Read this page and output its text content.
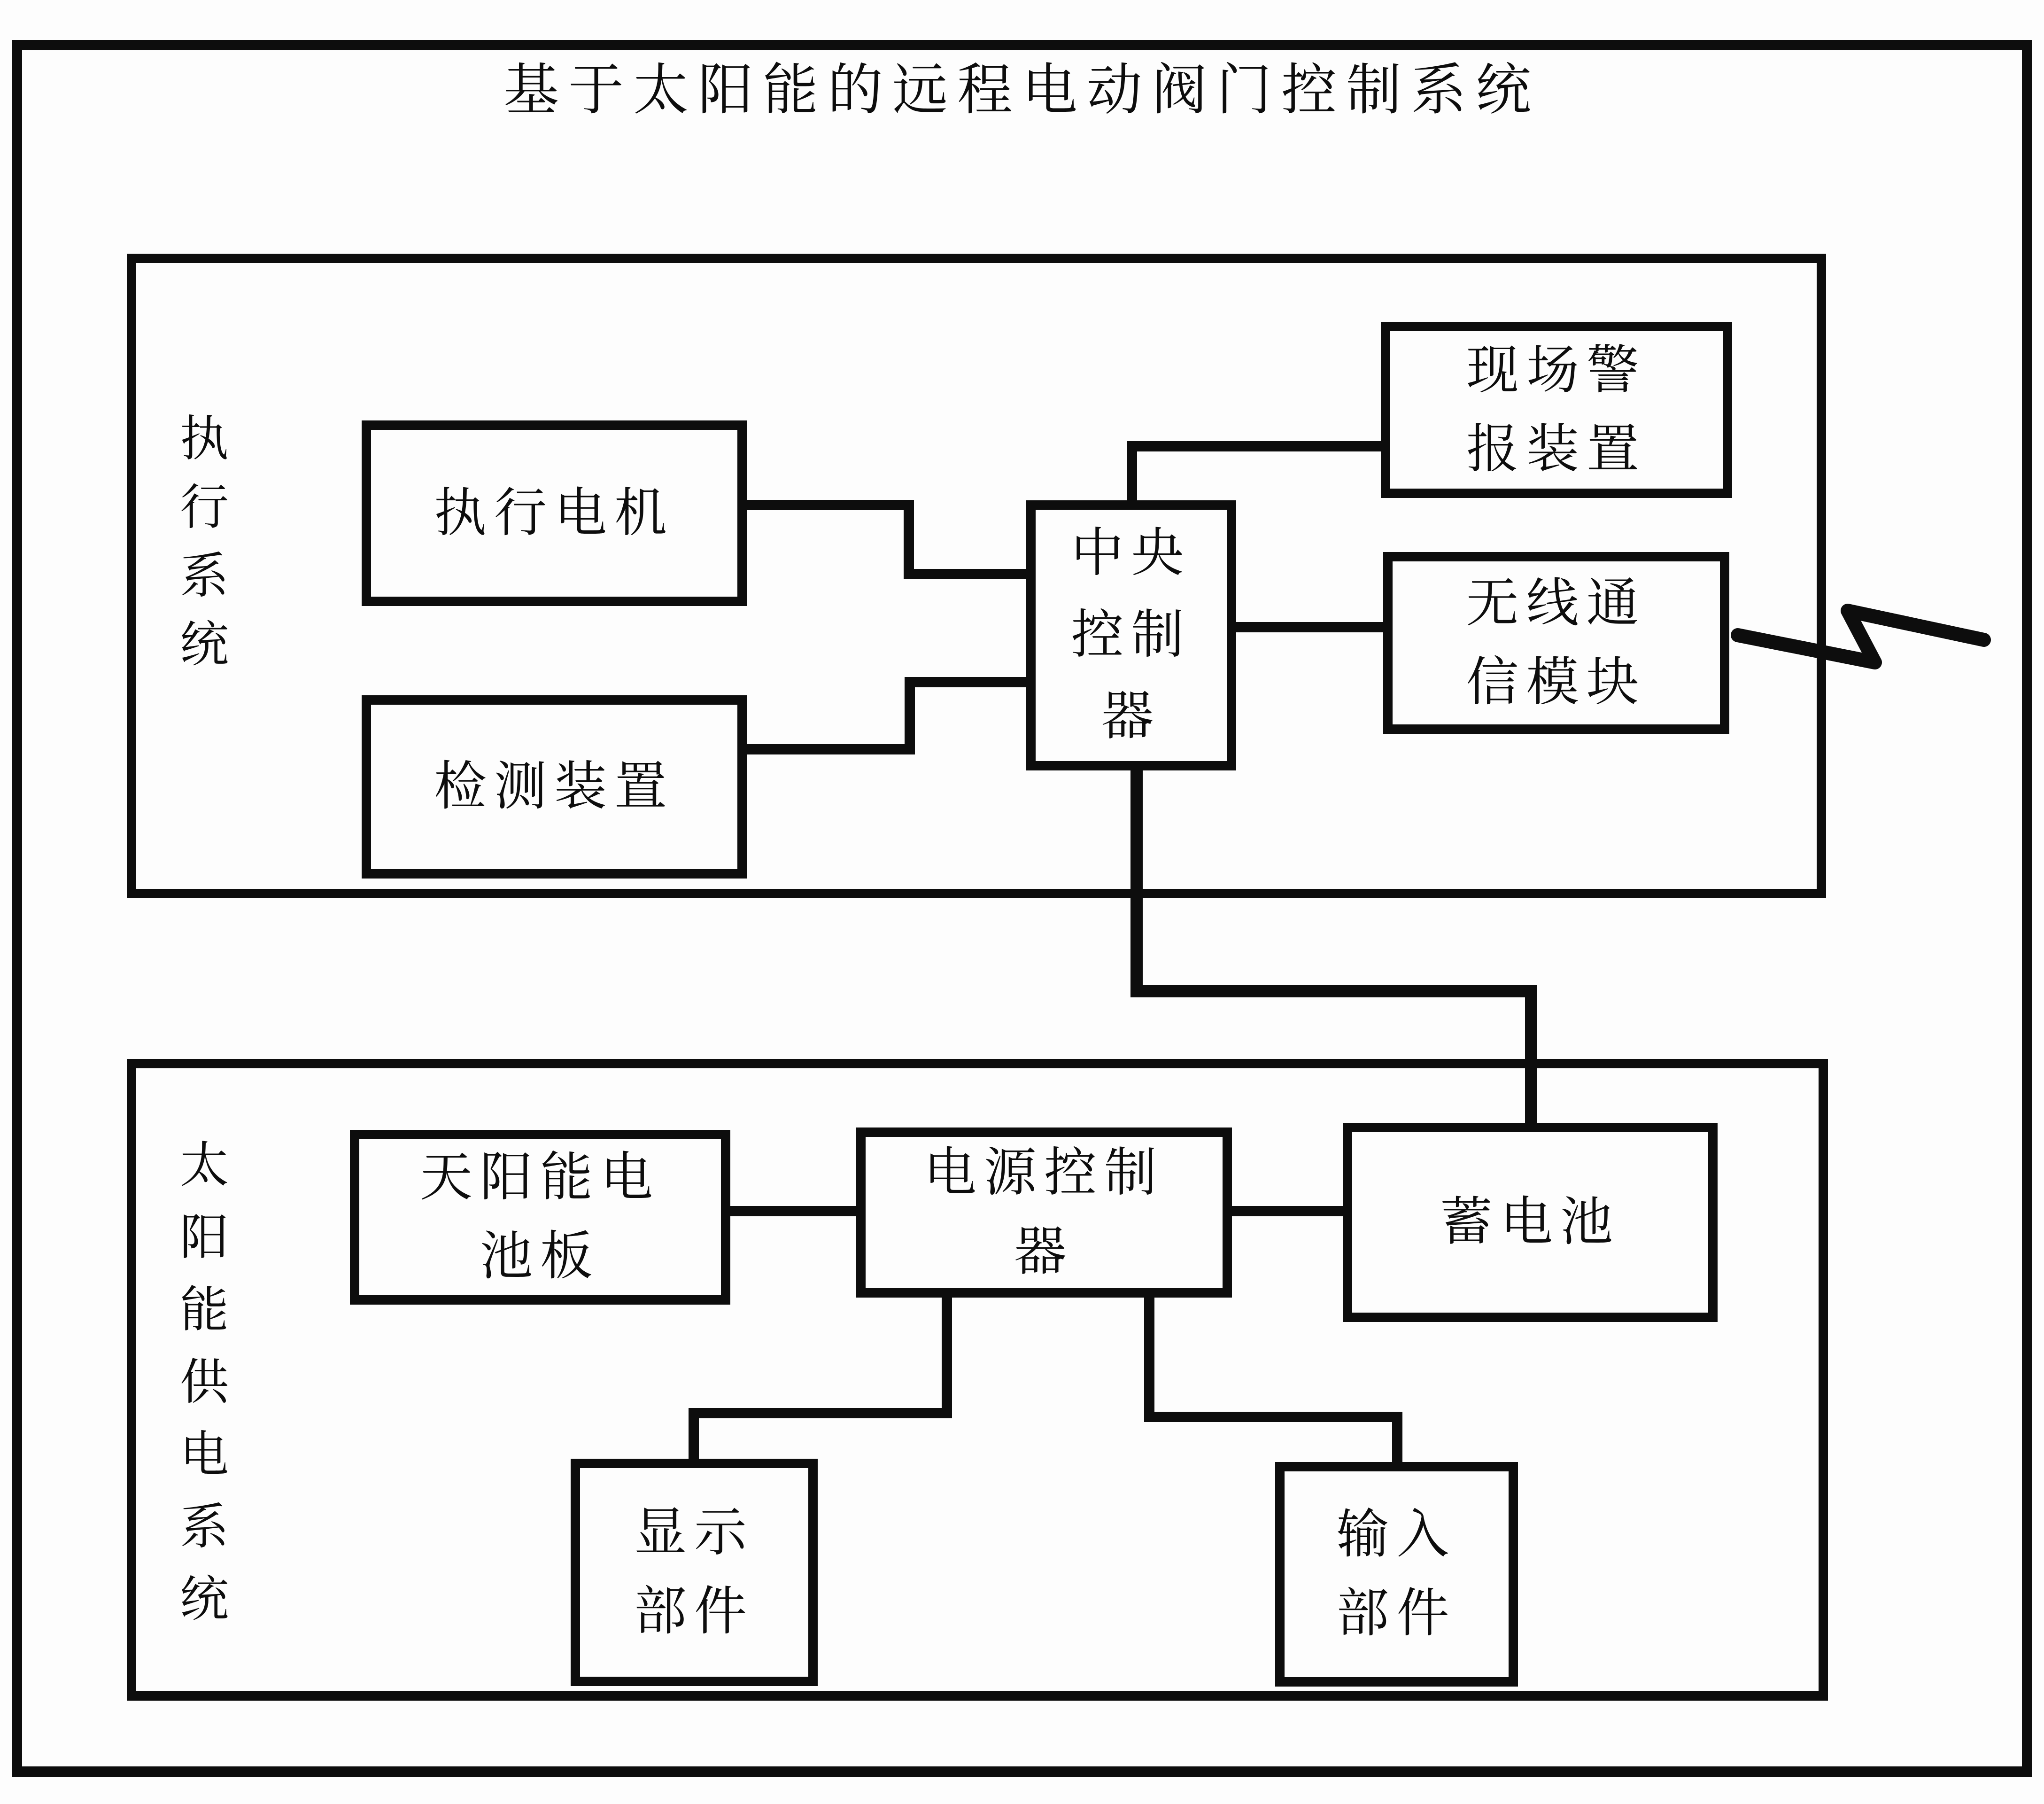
基于太阳能的远程电动阀门控制系统
执行系统	执行电机
检测装置
中央
控制
器
现场警
报装置
无线通
信模块
太阳能供电系统	天阳能电
池板
电源控制
器
蓄电池
显示
部件
输入
部件
